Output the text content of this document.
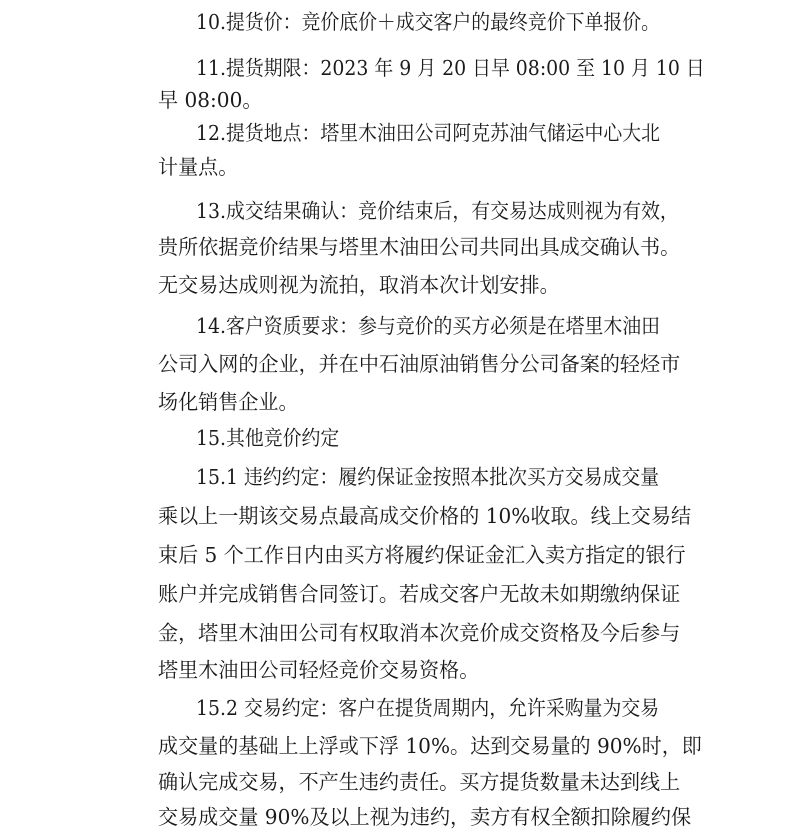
10.提货价：竞价底价＋成交客户的最终竞价下单报价。
11.提货期限：2023 年 9 月 20 日早 08:00 至 10 月 10 日
早 08:00。
12.提货地点：塔里木油田公司阿克苏油气储运中心大北
计量点。
13.成交结果确认：竞价结束后，有交易达成则视为有效，
贵所依据竞价结果与塔里木油田公司共同出具成交确认书。
无交易达成则视为流拍，取消本次计划安排。
14.客户资质要求：参与竞价的买方必须是在塔里木油田
公司入网的企业，并在中石油原油销售分公司备案的轻烃市
场化销售企业。
15.其他竞价约定
15.1 违约约定：履约保证金按照本批次买方交易成交量
乘以上一期该交易点最高成交价格的 10%收取。线上交易结
束后 5 个工作日内由买方将履约保证金汇入卖方指定的银行
账户并完成销售合同签订。若成交客户无故未如期缴纳保证
金，塔里木油田公司有权取消本次竞价成交资格及今后参与
塔里木油田公司轻烃竞价交易资格。
15.2 交易约定：客户在提货周期内，允许采购量为交易
成交量的基础上上浮或下浮 10%。达到交易量的 90%时，即
确认完成交易，不产生违约责任。买方提货数量未达到线上
交易成交量 90%及以上视为违约，卖方有权全额扣除履约保
